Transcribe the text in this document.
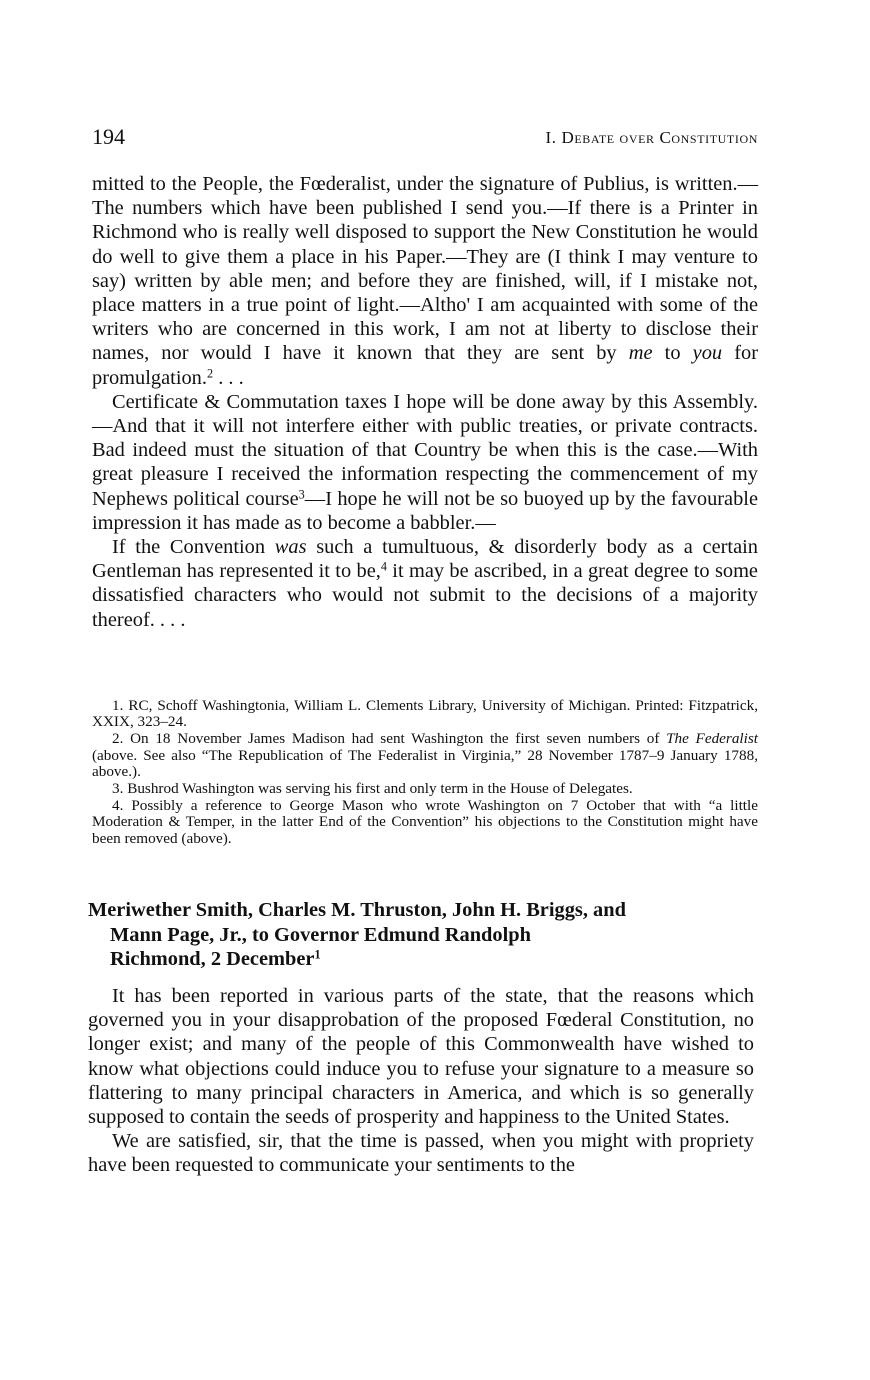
194	I. Debate over Constitution

mitted to the People, the Fœderalist, under the signature of Publius, is written.—The numbers which have been published I send you.—If there is a Printer in Richmond who is really well disposed to support the New Constitution he would do well to give them a place in his Paper.—They are (I think I may venture to say) written by able men; and before they are finished, will, if I mistake not, place matters in a true point of light.—Altho' I am acquainted with some of the writers who are concerned in this work, I am not at liberty to disclose their names, nor would I have it known that they are sent by me to you for promulgation.$^2$ . . .

Certificate & Commutation taxes I hope will be done away by this Assembly.—And that it will not interfere either with public treaties, or private contracts. Bad indeed must the situation of that Country be when this is the case.—With great pleasure I received the information respecting the commencement of my Nephews political course$^3$—I hope he will not be so buoyed up by the favourable impression it has made as to become a babbler.—

If the Convention was such a tumultuous, & disorderly body as a certain Gentleman has represented it to be,$^4$ it may be ascribed, in a great degree to some dissatisfied characters who would not submit to the decisions of a majority thereof. . . .

1. RC, Schoff Washingtonia, William L. Clements Library, University of Michigan. Printed: Fitzpatrick, XXIX, 323–24.

2. On 18 November James Madison had sent Washington the first seven numbers of The Federalist (above. See also “The Republication of The Federalist in Virginia,” 28 November 1787–9 January 1788, above.).

3. Bushrod Washington was serving his first and only term in the House of Delegates.

4. Possibly a reference to George Mason who wrote Washington on 7 October that with “a little Moderation & Temper, in the latter End of the Convention” his objections to the Constitution might have been removed (above).

Meriwether Smith, Charles M. Thruston, John H. Briggs, and
Mann Page, Jr., to Governor Edmund Randolph
Richmond, 2 December$^1$

It has been reported in various parts of the state, that the reasons which governed you in your disapprobation of the proposed Fœderal Constitution, no longer exist; and many of the people of this Commonwealth have wished to know what objections could induce you to refuse your signature to a measure so flattering to many principal characters in America, and which is so generally supposed to contain the seeds of prosperity and happiness to the United States.

We are satisfied, sir, that the time is passed, when you might with propriety have been requested to communicate your sentiments to the
